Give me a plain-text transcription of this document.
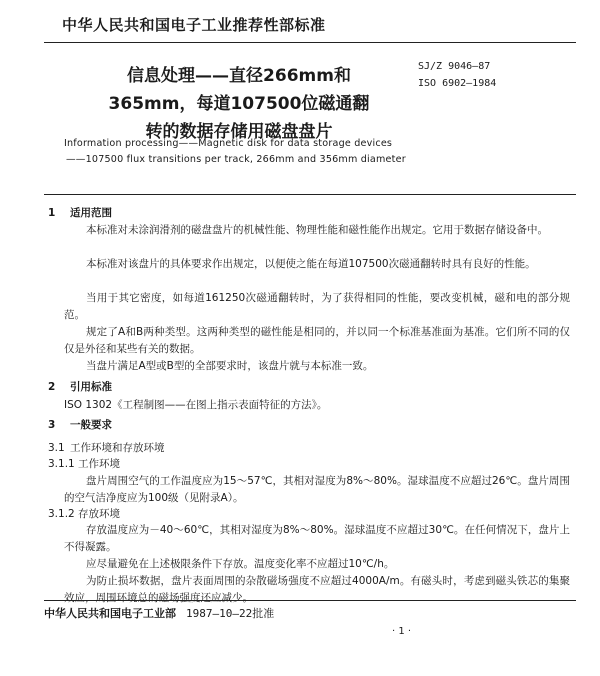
中华人民共和国电子工业推荐性部标准
SJ/Z 9046—87
ISO 6902—1984
信息处理——直径266mm和
365mm，每道107500位磁通翻
转的数据存储用磁盘盘片
Information processing——Magnetic disk for data storage devices
——107500 flux transitions per track, 266mm and 356mm diameter
1 适用范围
本标准对未涂润滑剂的磁盘盘片的机械性能、物理性能和磁性能作出规定。它用于数据存储设备中。
本标准对该盘片的具体要求作出规定，以便使之能在每道107500次磁通翻转时具有良好的性能。
当用于其它密度，如每道161250次磁通翻转时，为了获得相同的性能，要改变机械，磁和电的部分规范。
规定了A和B两种类型。这两种类型的磁性能是相同的，并以同一个标准基准面为基准。它们所不同的仅仅是外径和某些有关的数据。
当盘片满足A型或B型的全部要求时，该盘片就与本标准一致。
2 引用标准
ISO 1302《工程制图——在图上指示表面特征的方法》。
3 一般要求
3.1 工作环境和存放环境
3.1.1 工作环境
盘片周围空气的工作温度应为15～57℃，其相对湿度为8%～80%。湿球温度不应超过26℃。盘片周围的空气洁净度应为100级（见附录A）。
3.1.2 存放环境
存放温度应为－40～60℃，其相对湿度为8%～80%。湿球温度不应超过30℃。在任何情况下，盘片上不得凝露。
应尽量避免在上述极限条件下存放。温度变化率不应超过10℃/h。
为防止损坏数据，盘片表面周围的杂散磁场强度不应超过4000A/m。有磁头时，考虑到磁头铁芯的集聚效应，周围环境总的磁场强度还应减少。
中华人民共和国电子工业部 1987—10—22批准
· 1 ·
